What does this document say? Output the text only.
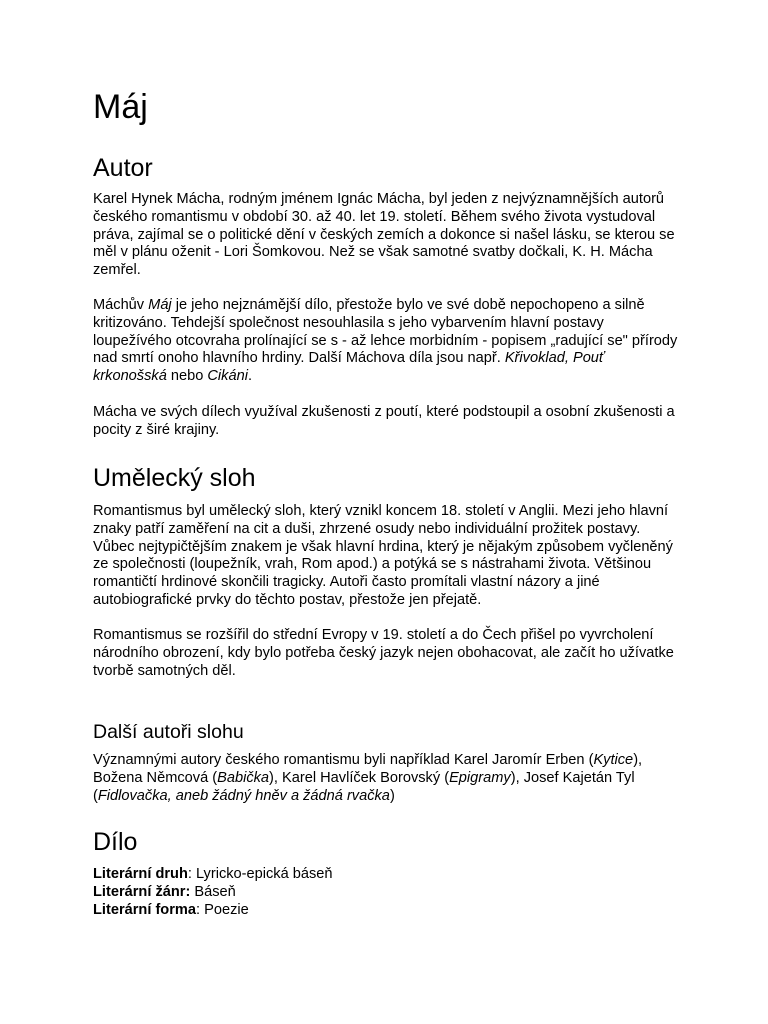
Máj
Autor

Karel Hynek Mácha, rodným jménem Ignác Mácha, byl jeden z nejvýznamnějších autorů českého romantismu v období 30. až 40. let 19. století. Během svého života vystudoval práva, zajímal se o politické dění v českých zemích a dokonce si našel lásku, se kterou se měl v plánu oženit - Lori Šomkovou. Než se však samotné svatby dočkali, K. H. Mácha zemřel.

Máchův Máj je jeho nejznámější dílo, přestože bylo ve své době nepochopeno a silně kritizováno. Tehdejší společnost nesouhlasila s jeho vybarvením hlavní postavy loupežívého otcovraha prolínající se s - až lehce morbidním - popisem „radující se" přírody nad smrtí onoho hlavního hrdiny. Další Máchova díla jsou např. Křivoklad, Pouť krkonošská nebo Cikáni.

Mácha ve svých dílech využíval zkušenosti z poutí, které podstoupil a osobní zkušenosti a pocity z širé krajiny.

Umělecký sloh

Romantismus byl umělecký sloh, který vznikl koncem 18. století v Anglii. Mezi jeho hlavní znaky patří zaměření na cit a duši, zhrzené osudy nebo individuální prožitek postavy. Vůbec nejtypičtějším znakem je však hlavní hrdina, který je nějakým způsobem vyčleněný ze společnosti (loupežník, vrah, Rom apod.) a potýká se s nástrahami života. Většinou romantičtí hrdinové skončili tragicky. Autoři často promítali vlastní názory a jiné autobiografické prvky do těchto postav, přestože jen přejatě.

Romantismus se rozšířil do střední Evropy v 19. století a do Čech přišel po vyvrcholení národního obrození, kdy bylo potřeba český jazyk nejen obohacovat, ale začít ho užívatke tvorbě samotných děl.

Další autoři slohu

Významnými autory českého romantismu byli například Karel Jaromír Erben (Kytice), Božena Němcová (Babička), Karel Havlíček Borovský (Epigramy), Josef Kajetán Tyl (Fidlovačka, aneb žádný hněv a žádná rvačka)

Dílo
Literární druh: Lyricko-epická báseň
Literární žánr: Báseň
Literární forma: Poezie
